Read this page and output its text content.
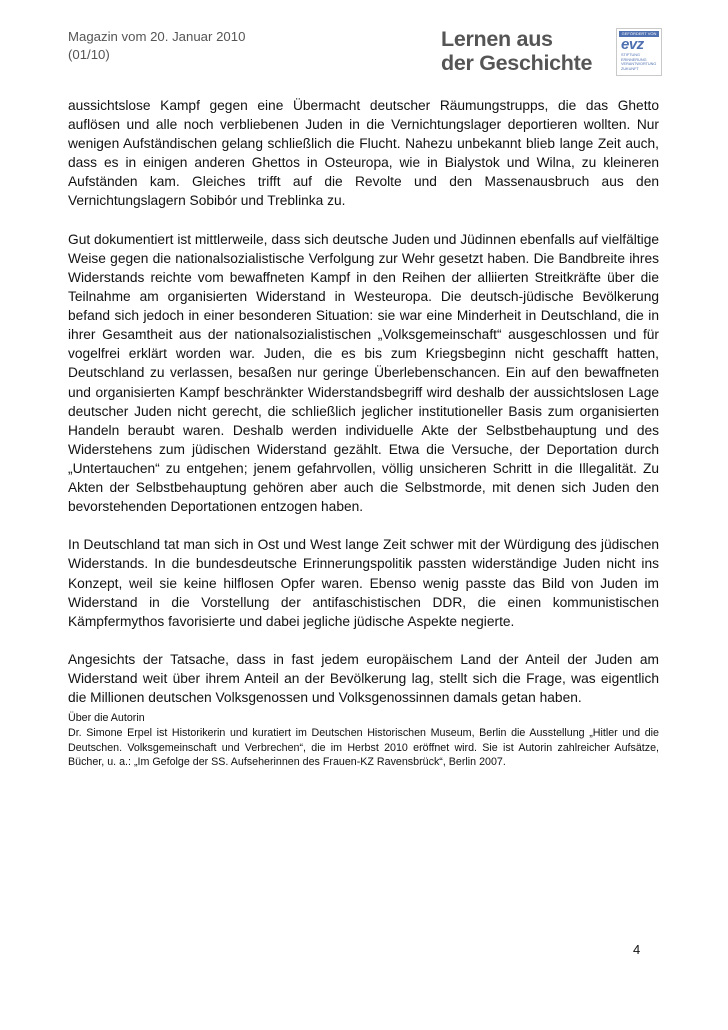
Magazin vom 20. Januar 2010
(01/10)
Lernen aus
der Geschichte
GEFÖRDERT VON
evz
STIFTUNG
ERINNERUNG
VERANTWORTUNG
ZUKUNFT

aussichtslose Kampf gegen eine Übermacht deutscher Räumungstrupps, die das Ghetto auflösen und alle noch verbliebenen Juden in die Vernichtungslager deportieren wollten. Nur wenigen Aufständischen gelang schließlich die Flucht. Nahezu unbekannt blieb lange Zeit auch, dass es in einigen anderen Ghettos in Osteuropa, wie in Bialystok und Wilna, zu kleineren Aufständen kam. Gleiches trifft auf die Revolte und den Massenausbruch aus den Vernichtungslagern Sobibór und Treblinka zu.

Gut dokumentiert ist mittlerweile, dass sich deutsche Juden und Jüdinnen ebenfalls auf vielfältige Weise gegen die nationalsozialistische Verfolgung zur Wehr gesetzt haben. Die Bandbreite ihres Widerstands reichte vom bewaffneten Kampf in den Reihen der alliierten Streitkräfte über die Teilnahme am organisierten Widerstand in Westeuropa. Die deutsch-jüdische Bevölkerung befand sich jedoch in einer besonderen Situation: sie war eine Minderheit in Deutschland, die in ihrer Gesamtheit aus der nationalsozialistischen „Volksgemeinschaft“ ausgeschlossen und für vogelfrei erklärt worden war. Juden, die es bis zum Kriegsbeginn nicht geschafft hatten, Deutschland zu verlassen, besaßen nur geringe Überlebenschancen. Ein auf den bewaffneten und organisierten Kampf beschränkter Widerstandsbegriff wird deshalb der aussichtslosen Lage deutscher Juden nicht gerecht, die schließlich jeglicher institutioneller Basis zum organisierten Handeln beraubt waren. Deshalb werden individuelle Akte der Selbstbehauptung und des Widerstehens zum jüdischen Widerstand gezählt. Etwa die Versuche, der Deportation durch „Untertauchen“ zu entgehen; jenem gefahrvollen, völlig unsicheren Schritt in die Illegalität. Zu Akten der Selbstbehauptung gehören aber auch die Selbstmorde, mit denen sich Juden den bevorstehenden Deportationen entzogen haben.

In Deutschland tat man sich in Ost und West lange Zeit schwer mit der Würdigung des jüdischen Widerstands. In die bundesdeutsche Erinnerungspolitik passten widerständige Juden nicht ins Konzept, weil sie keine hilflosen Opfer waren. Ebenso wenig passte das Bild von Juden im Widerstand in die Vorstellung der antifaschistischen DDR, die einen kommunistischen Kämpfermythos favorisierte und dabei jegliche jüdische Aspekte negierte.

Angesichts der Tatsache, dass in fast jedem europäischem Land der Anteil der Juden am Widerstand weit über ihrem Anteil an der Bevölkerung lag, stellt sich die Frage, was eigentlich die Millionen deutschen Volksgenossen und Volksgenossinnen damals getan haben.

Über die Autorin
Dr. Simone Erpel ist Historikerin und kuratiert im Deutschen Historischen Museum, Berlin die Ausstellung „Hitler und die Deutschen. Volksgemeinschaft und Verbrechen“, die im Herbst 2010 eröffnet wird. Sie ist Autorin zahlreicher Aufsätze, Bücher, u. a.: „Im Gefolge der SS. Aufseherinnen des Frauen-KZ Ravensbrück“, Berlin 2007.
4
